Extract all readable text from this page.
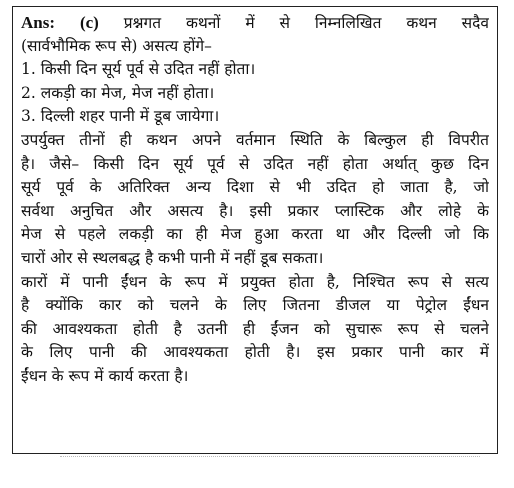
Ans: (c) प्रश्नगत कथनों में से निम्नलिखित कथन सदैव
(सार्वभौमिक रूप से) असत्य होंगे–
1. किसी दिन सूर्य पूर्व से उदित नहीं होता।
2. लकड़ी का मेज, मेज नहीं होता।
3. दिल्ली शहर पानी में डूब जायेगा।
उपर्युक्त तीनों ही कथन अपने वर्तमान स्थिति के बिल्कुल ही विपरीत
है। जैसे– किसी दिन सूर्य पूर्व से उदित नहीं होता अर्थात् कुछ दिन
सूर्य पूर्व के अतिरिक्त अन्य दिशा से भी उदित हो जाता है, जो
सर्वथा अनुचित और असत्य है। इसी प्रकार प्लास्टिक और लोहे के
मेज से पहले लकड़ी का ही मेज हुआ करता था और दिल्ली जो कि
चारों ओर से स्थलबद्ध है कभी पानी में नहीं डूब सकता।
कारों में पानी ईंधन के रूप में प्रयुक्त होता है, निश्चित रूप से सत्य
है क्योंकि कार को चलने के लिए जितना डीजल या पेट्रोल ईंधन
की आवश्यकता होती है उतनी ही ईंजन को सुचारू रूप से चलने
के लिए पानी की आवश्यकता होती है। इस प्रकार पानी कार में
ईंधन के रूप में कार्य करता है।
